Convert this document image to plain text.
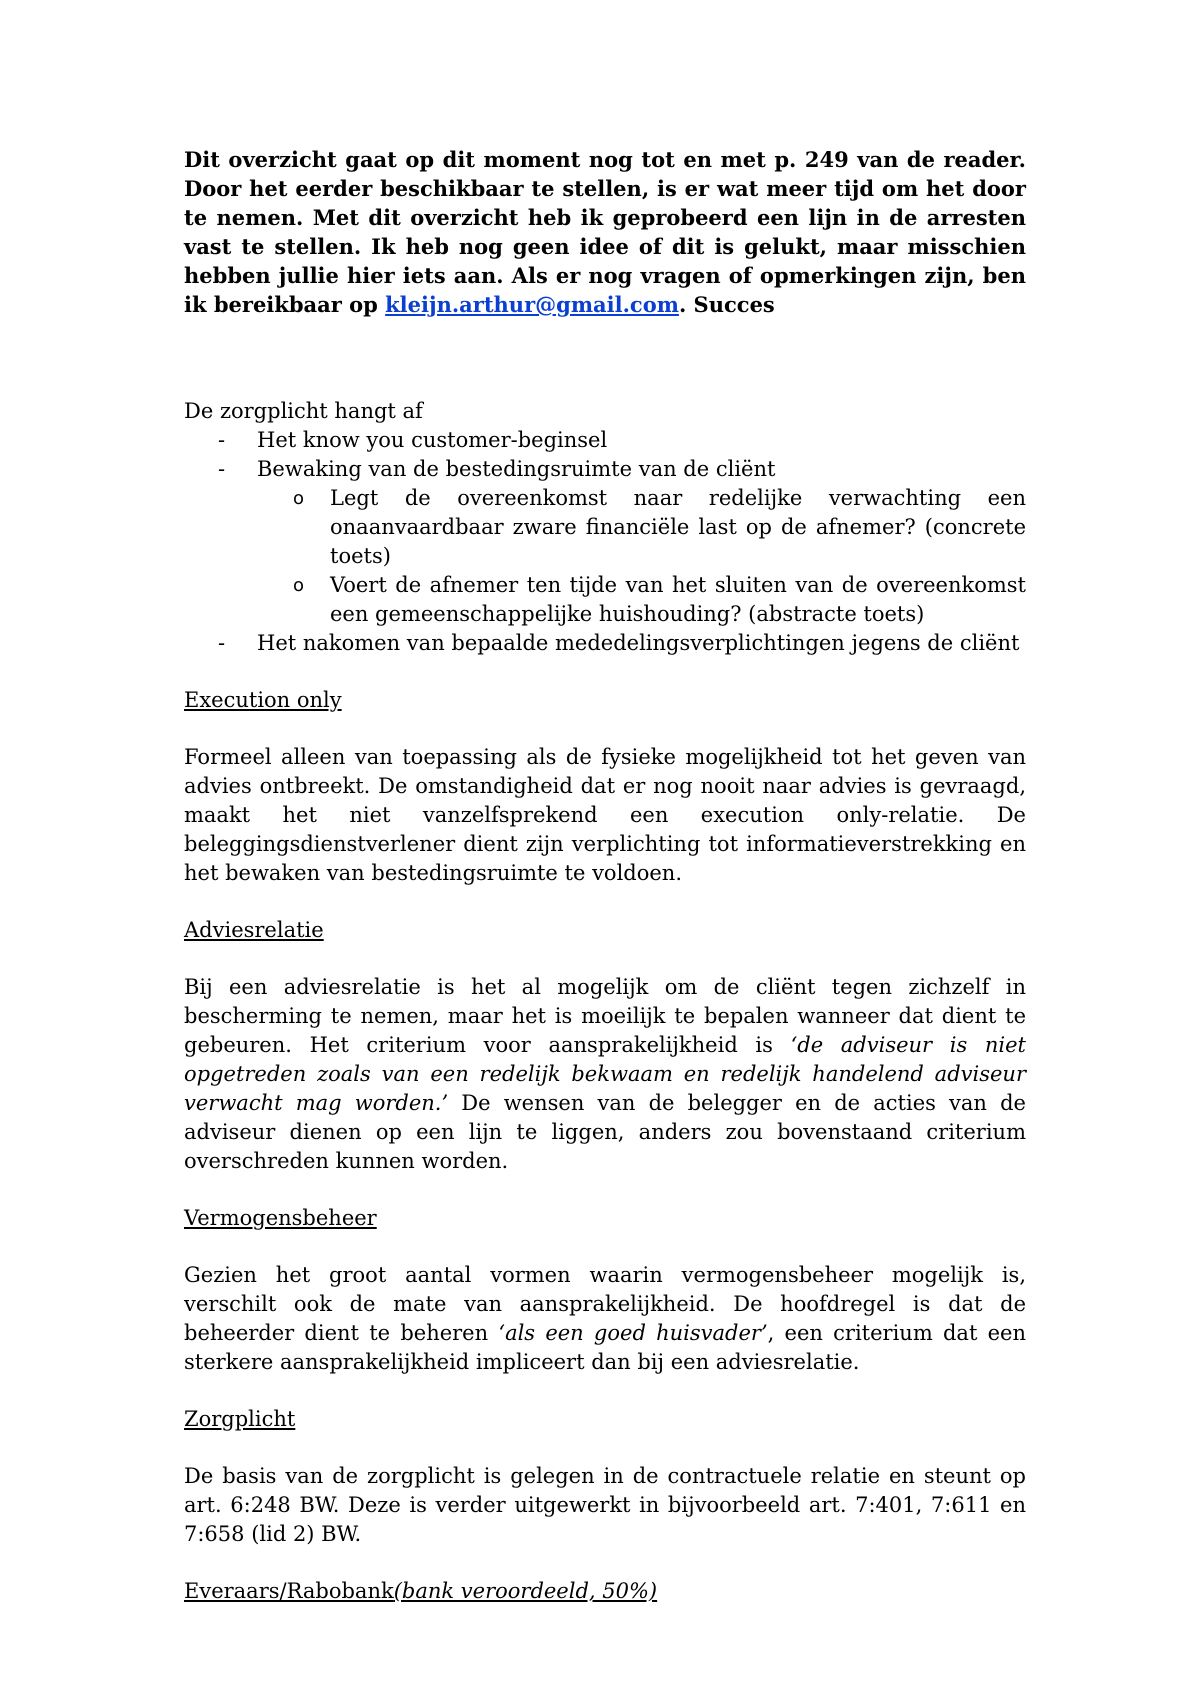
Dit overzicht gaat op dit moment nog tot en met p. 249 van de reader. Door het eerder beschikbaar te stellen, is er wat meer tijd om het door te nemen. Met dit overzicht heb ik geprobeerd een lijn in de arresten vast te stellen. Ik heb nog geen idee of dit is gelukt, maar misschien hebben jullie hier iets aan. Als er nog vragen of opmerkingen zijn, ben ik bereikbaar op kleijn.arthur@gmail.com. Succes

De zorgplicht hangt af

- Het know you customer-beginsel
- Bewaking van de bestedingsruimte van de cliënt
o Legt de overeenkomst naar redelijke verwachting een onaanvaardbaar zware financiële last op de afnemer? (concrete toets)
o Voert de afnemer ten tijde van het sluiten van de overeenkomst een gemeenschappelijke huishouding? (abstracte toets)
- Het nakomen van bepaalde mededelingsverplichtingen jegens de cliënt

Execution only

Formeel alleen van toepassing als de fysieke mogelijkheid tot het geven van advies ontbreekt. De omstandigheid dat er nog nooit naar advies is gevraagd, maakt het niet vanzelfsprekend een execution only-relatie. De beleggingsdienstverlener dient zijn verplichting tot informatieverstrekking en het bewaken van bestedingsruimte te voldoen.

Adviesrelatie

Bij een adviesrelatie is het al mogelijk om de cliënt tegen zichzelf in bescherming te nemen, maar het is moeilijk te bepalen wanneer dat dient te gebeuren. Het criterium voor aansprakelijkheid is ‘de adviseur is niet opgetreden zoals van een redelijk bekwaam en redelijk handelend adviseur verwacht mag worden.’ De wensen van de belegger en de acties van de adviseur dienen op een lijn te liggen, anders zou bovenstaand criterium overschreden kunnen worden.

Vermogensbeheer

Gezien het groot aantal vormen waarin vermogensbeheer mogelijk is, verschilt ook de mate van aansprakelijkheid. De hoofdregel is dat de beheerder dient te beheren ‘als een goed huisvader’, een criterium dat een sterkere aansprakelijkheid impliceert dan bij een adviesrelatie.

Zorgplicht

De basis van de zorgplicht is gelegen in de contractuele relatie en steunt op art. 6:248 BW. Deze is verder uitgewerkt in bijvoorbeeld art. 7:401, 7:611 en 7:658 (lid 2) BW.

Everaars/Rabobank(bank veroordeeld, 50%)
